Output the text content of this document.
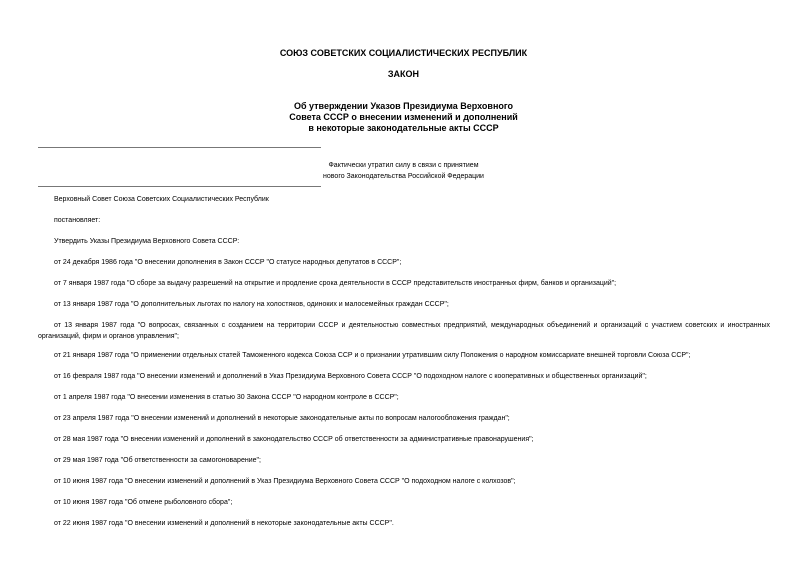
СОЮЗ СОВЕТСКИХ СОЦИАЛИСТИЧЕСКИХ РЕСПУБЛИК
ЗАКОН
Об утверждении Указов Президиума Верховного
Совета СССР о внесении изменений и дополнений
в некоторые законодательные акты СССР
Фактически утратил силу в связи с принятием
нового Законодательства Российской Федерации
Верховный Совет Союза Советских Социалистических Республик
постановляет:
Утвердить Указы Президиума Верховного Совета СССР:
от 24 декабря 1986 года "О внесении дополнения в Закон СССР "О статусе народных депутатов в СССР";
от 7 января 1987 года "О сборе за выдачу разрешений на открытие и продление срока деятельности в СССР представительств иностранных фирм, банков и организаций";
от 13 января 1987 года "О дополнительных льготах по налогу на холостяков, одиноких и малосемейных граждан СССР";
от 13 января 1987 года "О вопросах, связанных с созданием на территории СССР и деятельностью совместных предприятий, международных объединений и организаций с участием советских и иностранных организаций, фирм и органов управления";
от 21 января 1987 года "О применении отдельных статей Таможенного кодекса Союза ССР и о признании утратившим силу Положения о народном комиссариате внешней торговли Союза ССР";
от 16 февраля 1987 года "О внесении изменений и дополнений в Указ Президиума Верховного Совета СССР "О подоходном налоге с кооперативных и общественных организаций";
от 1 апреля 1987 года "О внесении изменения в статью 30 Закона СССР "О народном контроле в СССР";
от 23 апреля 1987 года "О внесении изменений и дополнений в некоторые законодательные акты по вопросам налогообложения граждан";
от 28 мая 1987 года "О внесении изменений и дополнений в законодательство СССР об ответственности за административные правонарушения";
от 29 мая 1987 года "Об ответственности за самогоноварение";
от 10 июня 1987 года "О внесении изменений и дополнений в Указ Президиума Верховного Совета СССР "О подоходном налоге с колхозов";
от 10 июня 1987 года "Об отмене рыболовного сбора";
от 22 июня 1987 года "О внесении изменений и дополнений в некоторые законодательные акты СССР".
